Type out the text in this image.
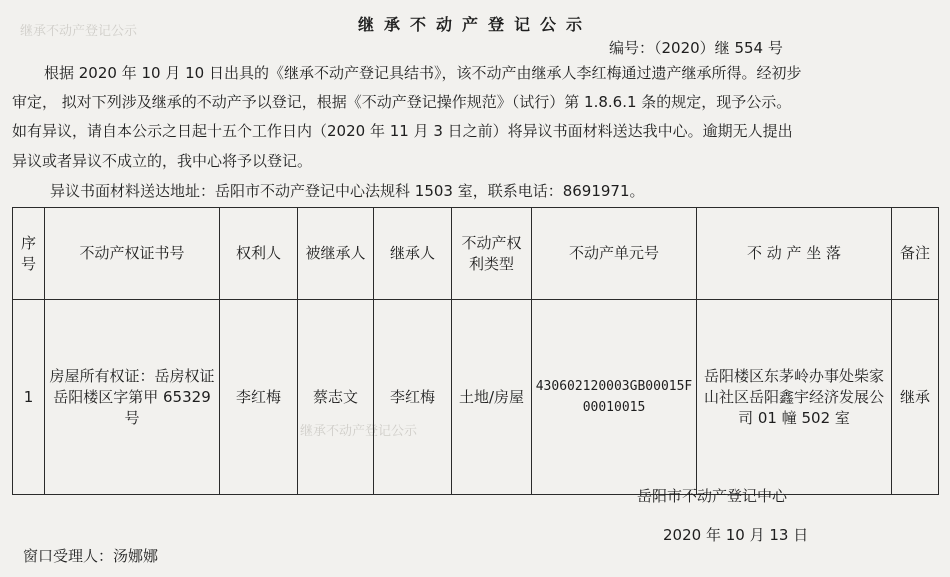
继承不动产登记公示
继承不动产登记公示
继承不动产登记公示
编号：（2020）继 554 号
根据 2020 年 10 月 10 日出具的《继承不动产登记具结书》，该不动产由继承人李红梅通过遗产继承所得。经初步
审定， 拟对下列涉及继承的不动产予以登记，根据《不动产登记操作规范》（试行）第 1.8.6.1 条的规定，现予公示。
如有异议，请自本公示之日起十五个工作日内（2020 年 11 月 3 日之前）将异议书面材料送达我中心。逾期无人提出
异议或者异议不成立的，我中心将予以登记。
异议书面材料送达地址：岳阳市不动产登记中心法规科 1503 室，联系电话：8691971。
序号	不动产权证书号	权利人	被继承人	继承人	不动产权利类型	不动产单元号	不 动 产 坐 落	备注
1	房屋所有权证：岳房权证岳阳楼区字第甲 65329 号	李红梅	蔡志文	李红梅	土地/房屋	430602120003GB00015F00010015	岳阳楼区东茅岭办事处柴家山社区岳阳鑫宇经济发展公司 01 幢 502 室	继承
岳阳市不动产登记中心
2020 年 10 月 13 日
窗口受理人：汤娜娜
